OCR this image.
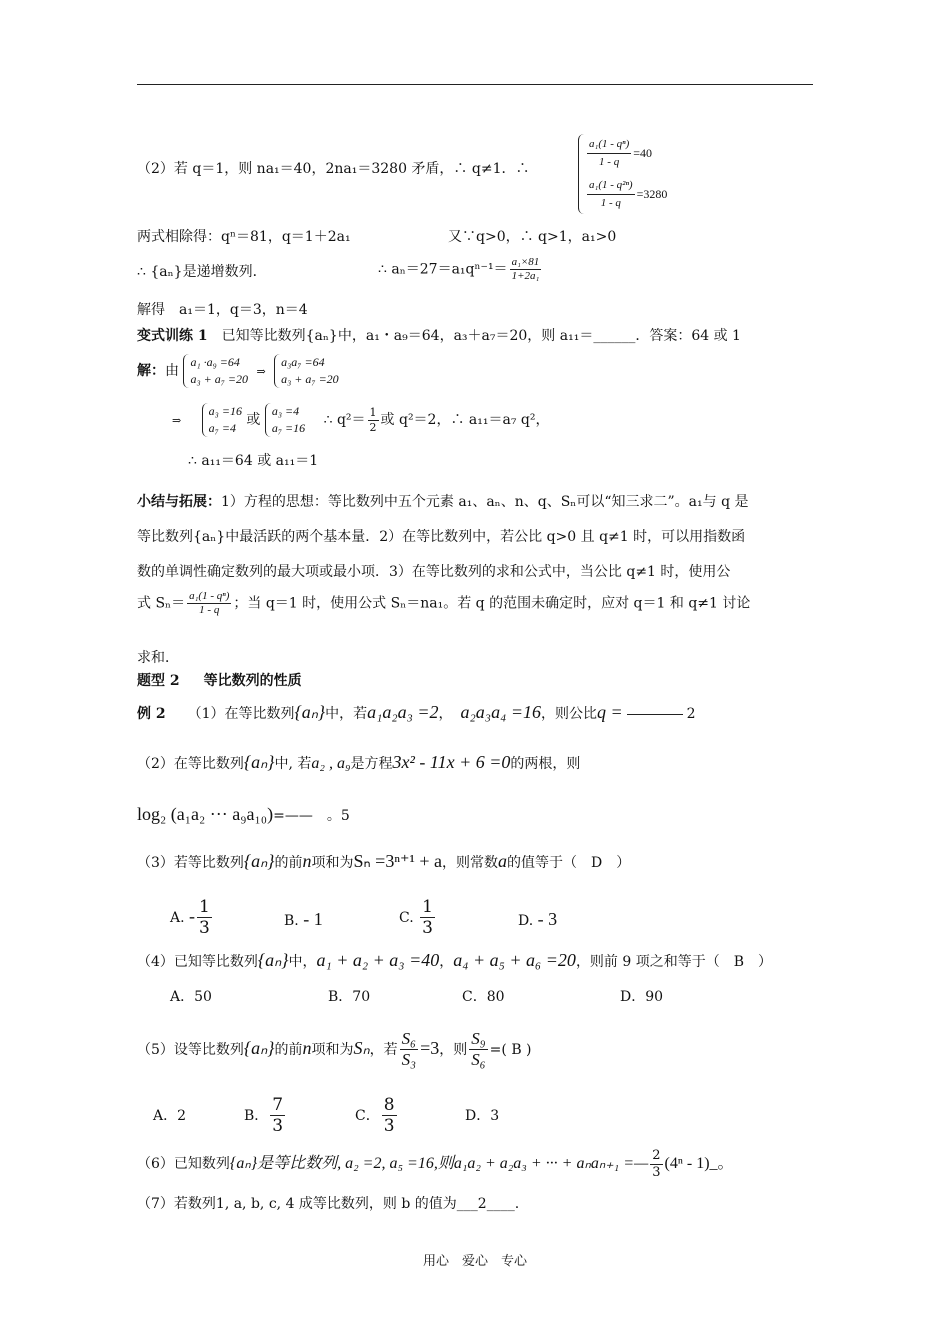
（2）若 q＝1，则 na₁＝40，2na₁＝3280 矛盾，∴ q≠1．∴	$\frac{\text{a₁(1 - qⁿ)}}{1 - q} =40$
$\frac{\text{a₁(1 - q²ⁿ)}}{1 - q} =3280$
两式相除得：qⁿ＝81，q＝1＋2a₁	又∵q>0，∴ q>1，a₁>0
∴ {aₙ}是递增数列．	∴ $a_n=27=a_1q^{n-1}= \frac{\text{a₁×81}}{\text{1+2a₁}}$
解得　a₁＝1，q＝3，n＝4
变式训练 1　已知等比数列{aₙ}中，a₁・a₉＝64，a₃＋a₇＝20，则 a₁₁＝______．答案：64 或 1
解：由
a₁ ·a₉ =64
a₃ + a₇ =20
⇒
a₃a₇ =64
a₃ + a₇ =20
⇒
a₃ =16
a₇ =4 或
a₃ =4
a₇ =16 ∴ $q^2= \frac{1}{2}$ 或 q²＝2，∴ a₁₁＝a₇ q²，
∴ a₁₁＝64 或 a₁₁＝1
小结与拓展：1）方程的思想：等比数列中五个元素 a₁、aₙ、n、q、Sₙ可以“知三求二”。a₁与 q 是
等比数列{aₙ}中最活跃的两个基本量．2）在等比数列中，若公比 q>0 且 q≠1 时，可以用指数函
数的单调性确定数列的最大项或最小项．3）在等比数列的求和公式中，当公比 q≠1 时，使用公
式 $S_n= \frac{\text{a₁(1 - qⁿ)}}{1 - q}$ ；当 q＝1 时，使用公式 Sₙ＝na₁。若 q 的范围未确定时，应对 q＝1 和 q≠1 讨论
求和．
题型 2 等比数列的性质
例 2 （1）在等比数列{aₙ}中，若a₁a₂a₃ =2， a₂a₃a₄ =16，则公比q =	2
（2）在等比数列{aₙ}中, 若a₂ , a₉是方程3x² - 11x + 6 =0的两根，则
log₂ (a₁a₂ ··· a₉a₁₀)=——　。5
（3）若等比数列{aₙ}的前n项和为Sₙ =3ⁿ⁺¹ + a，则常数a的值等于（　D　）
A. - $\frac{1}{3}$	B. - 1	C. $\frac{1}{3}$	D. - 3
（4）已知等比数列{aₙ}中，a₁ + a₂ + a₃ =40，a₄ + a₅ + a₆ =20，则前 9 项之和等于（　B　）
A．50	B．70	C．80	D．90
（5）设等比数列{aₙ}的前n项和为Sₙ，若 $\frac{\text{S₆}}{\text{S₃}} =3$，则 $\frac{\text{S₉}}{\text{S₆}}$ =( B )
A．2	B． $\frac{7}{3}$	C． $\frac{8}{3}$	D．3
（6）已知数列{aₙ}是等比数列, a₂ =2, a₅ =16,则a₁a₂ + a₂a₃ + ··· + aₙaₙ₊₁ =— $\frac{2}{3} (4^n$ - 1)_。
（7）若数列1, a, b, c, 4 成等比数列，则 b 的值为___2____.
用心　爱心　专心
